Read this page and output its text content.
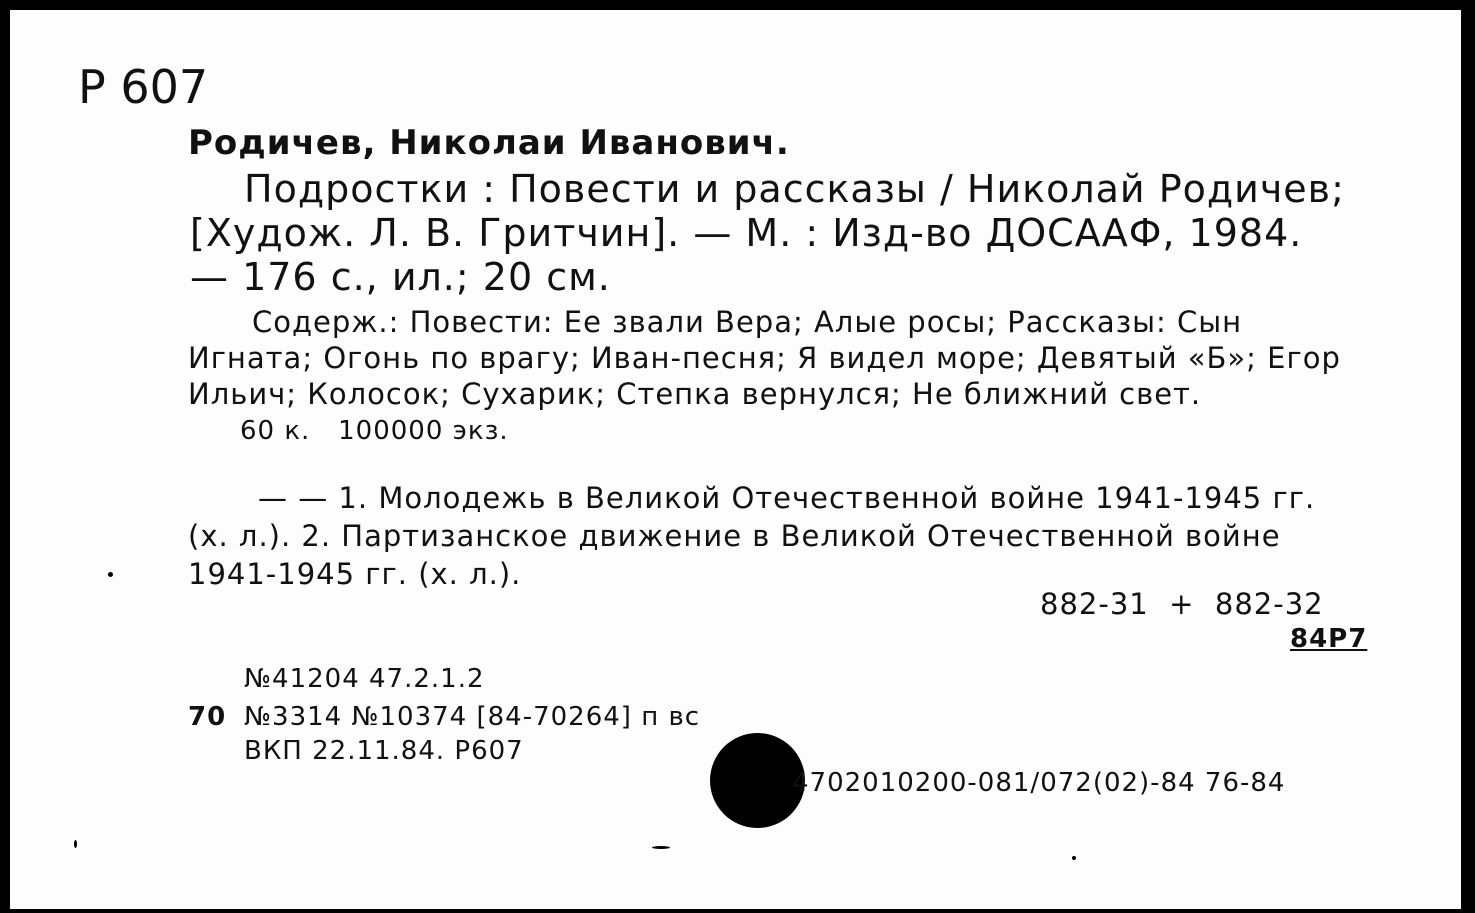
Р 607
Родичев, Николаи Иванович.
Подростки : Повести и рассказы / Николай Родичев;
[Худож. Л. В. Гритчин]. — М. : Изд-во ДОСААФ, 1984.
— 176 с., ил.; 20 см.
Содерж.: Повести: Ее звали Вера; Алые росы; Рассказы: Сын
Игната; Огонь по врагу; Иван-песня; Я видел море; Девятый «Б»; Егор
Ильич; Колосок; Сухарик; Степка вернулся; Не ближний свет.
60 к.   100000 экз.
— — 1. Молодежь в Великой Отечественной войне 1941-1945 гг.
(х. л.). 2. Партизанское движение в Великой Отечественной войне
1941-1945 гг. (х. л.).
882-31  +  882-32
84Р7
№41204 47.2.1.2
70 №3314 №10374 [84-70264] п вс
ВКП 22.11.84. Р607
4702010200-081/072(02)-84 76-84
